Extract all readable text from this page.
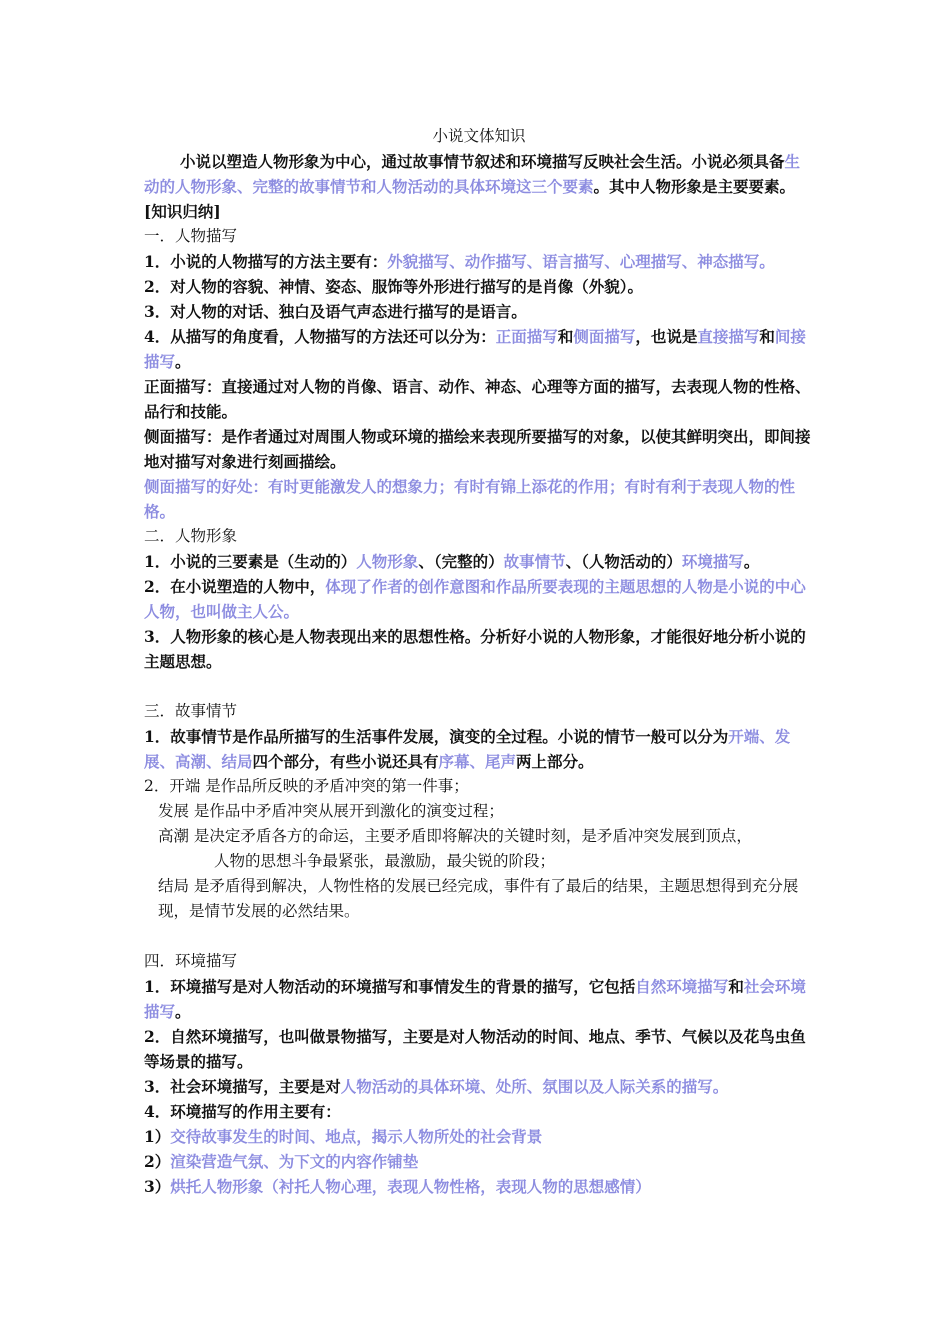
小说文体知识

小说以塑造人物形象为中心，通过故事情节叙述和环境描写反映社会生活。小说必须具备生动的人物形象、完整的故事情节和人物活动的具体环境这三个要素。其中人物形象是主要要素。

[知识归纳]

一．人物描写

1．小说的人物描写的方法主要有：外貌描写、动作描写、语言描写、心理描写、神态描写。

2．对人物的容貌、神情、姿态、服饰等外形进行描写的是肖像（外貌）。

3．对人物的对话、独白及语气声态进行描写的是语言。

4．从描写的角度看，人物描写的方法还可以分为：正面描写和侧面描写，也说是直接描写和间接描写。

正面描写：直接通过对人物的肖像、语言、动作、神态、心理等方面的描写，去表现人物的性格、品行和技能。

侧面描写：是作者通过对周围人物或环境的描绘来表现所要描写的对象，以使其鲜明突出，即间接地对描写对象进行刻画描绘。

侧面描写的好处：有时更能激发人的想象力；有时有锦上添花的作用；有时有利于表现人物的性格。

二．人物形象

1．小说的三要素是（生动的）人物形象、（完整的）故事情节、（人物活动的）环境描写。

2．在小说塑造的人物中，体现了作者的创作意图和作品所要表现的主题思想的人物是小说的中心人物，也叫做主人公。

3．人物形象的核心是人物表现出来的思想性格。分析好小说的人物形象，才能很好地分析小说的主题思想。

三．故事情节

1．故事情节是作品所描写的生活事件发展，演变的全过程。小说的情节一般可以分为开端、发展、高潮、结局四个部分，有些小说还具有序幕、尾声两上部分。

2．开端 是作品所反映的矛盾冲突的第一件事；

发展 是作品中矛盾冲突从展开到激化的演变过程；

高潮 是决定矛盾各方的命运，主要矛盾即将解决的关键时刻，是矛盾冲突发展到顶点，

人物的思想斗争最紧张，最激励，最尖锐的阶段；

结局 是矛盾得到解决，人物性格的发展已经完成，事件有了最后的结果，主题思想得到充分展现，是情节发展的必然结果。

四．环境描写

1．环境描写是对人物活动的环境描写和事情发生的背景的描写，它包括自然环境描写和社会环境描写。

2．自然环境描写，也叫做景物描写，主要是对人物活动的时间、地点、季节、气候以及花鸟虫鱼等场景的描写。

3．社会环境描写，主要是对人物活动的具体环境、处所、氛围以及人际关系的描写。

4．环境描写的作用主要有：

1）交待故事发生的时间、地点，揭示人物所处的社会背景

2）渲染营造气氛、为下文的内容作铺垫

3）烘托人物形象（衬托人物心理，表现人物性格，表现人物的思想感情）
